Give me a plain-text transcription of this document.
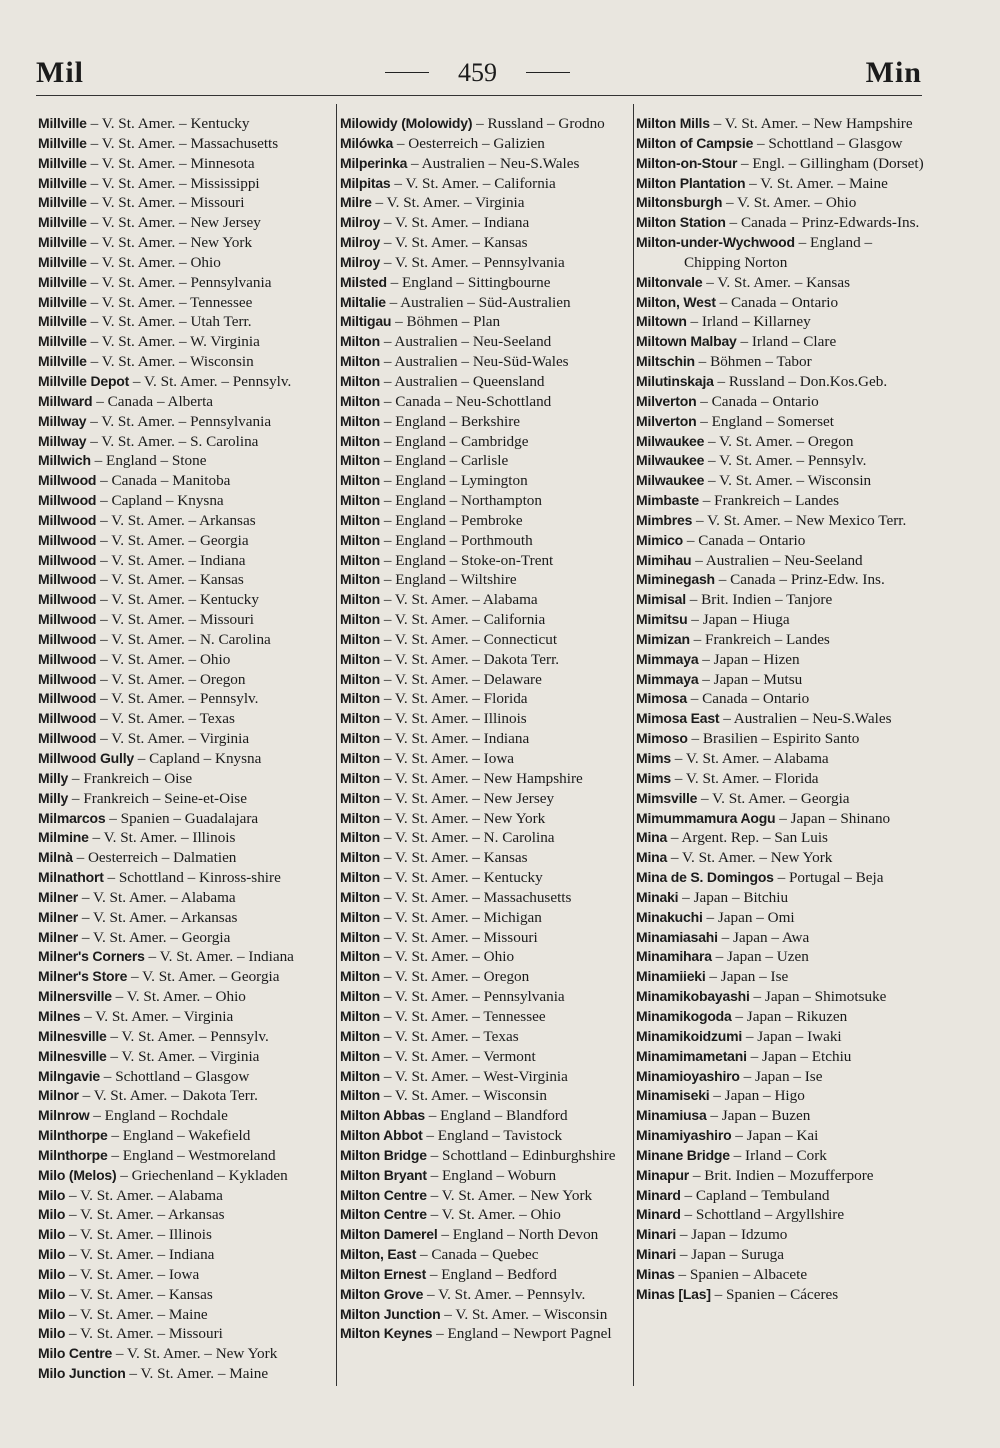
Mil	459	Min
Millville – V. St. Amer. – Kentucky
Millville – V. St. Amer. – Massachusetts
Millville – V. St. Amer. – Minnesota
Millville – V. St. Amer. – Mississippi
Millville – V. St. Amer. – Missouri
Millville – V. St. Amer. – New Jersey
Millville – V. St. Amer. – New York
Millville – V. St. Amer. – Ohio
Millville – V. St. Amer. – Pennsylvania
Millville – V. St. Amer. – Tennessee
Millville – V. St. Amer. – Utah Terr.
Millville – V. St. Amer. – W. Virginia
Millville – V. St. Amer. – Wisconsin
Millville Depot – V. St. Amer. – Pennsylv.
Millward – Canada – Alberta
Millway – V. St. Amer. – Pennsylvania
Millway – V. St. Amer. – S. Carolina
Millwich – England – Stone
Millwood – Canada – Manitoba
Millwood – Capland – Knysna
Millwood – V. St. Amer. – Arkansas
Millwood – V. St. Amer. – Georgia
Millwood – V. St. Amer. – Indiana
Millwood – V. St. Amer. – Kansas
Millwood – V. St. Amer. – Kentucky
Millwood – V. St. Amer. – Missouri
Millwood – V. St. Amer. – N. Carolina
Millwood – V. St. Amer. – Ohio
Millwood – V. St. Amer. – Oregon
Millwood – V. St. Amer. – Pennsylv.
Millwood – V. St. Amer. – Texas
Millwood – V. St. Amer. – Virginia
Millwood Gully – Capland – Knysna
Milly – Frankreich – Oise
Milly – Frankreich – Seine-et-Oise
Milmarcos – Spanien – Guadalajara
Milmine – V. St. Amer. – Illinois
Milnà – Oesterreich – Dalmatien
Milnathort – Schottland – Kinross-shire
Milner – V. St. Amer. – Alabama
Milner – V. St. Amer. – Arkansas
Milner – V. St. Amer. – Georgia
Milner's Corners – V. St. Amer. – Indiana
Milner's Store – V. St. Amer. – Georgia
Milnersville – V. St. Amer. – Ohio
Milnes – V. St. Amer. – Virginia
Milnesville – V. St. Amer. – Pennsylv.
Milnesville – V. St. Amer. – Virginia
Milngavie – Schottland – Glasgow
Milnor – V. St. Amer. – Dakota Terr.
Milnrow – England – Rochdale
Milnthorpe – England – Wakefield
Milnthorpe – England – Westmoreland
Milo (Melos) – Griechenland – Kykladen
Milo – V. St. Amer. – Alabama
Milo – V. St. Amer. – Arkansas
Milo – V. St. Amer. – Illinois
Milo – V. St. Amer. – Indiana
Milo – V. St. Amer. – Iowa
Milo – V. St. Amer. – Kansas
Milo – V. St. Amer. – Maine
Milo – V. St. Amer. – Missouri
Milo Centre – V. St. Amer. – New York
Milo Junction – V. St. Amer. – Maine
Milowidy (Molowidy) – Russland – Grodno
Milówka – Oesterreich – Galizien
Milperinka – Australien – Neu-S.Wales
Milpitas – V. St. Amer. – California
Milre – V. St. Amer. – Virginia
Milroy – V. St. Amer. – Indiana
Milroy – V. St. Amer. – Kansas
Milroy – V. St. Amer. – Pennsylvania
Milsted – England – Sittingbourne
Miltalie – Australien – Süd-Australien
Miltigau – Böhmen – Plan
Milton – Australien – Neu-Seeland
Milton – Australien – Neu-Süd-Wales
Milton – Australien – Queensland
Milton – Canada – Neu-Schottland
Milton – England – Berkshire
Milton – England – Cambridge
Milton – England – Carlisle
Milton – England – Lymington
Milton – England – Northampton
Milton – England – Pembroke
Milton – England – Porthmouth
Milton – England – Stoke-on-Trent
Milton – England – Wiltshire
Milton – V. St. Amer. – Alabama
Milton – V. St. Amer. – California
Milton – V. St. Amer. – Connecticut
Milton – V. St. Amer. – Dakota Terr.
Milton – V. St. Amer. – Delaware
Milton – V. St. Amer. – Florida
Milton – V. St. Amer. – Illinois
Milton – V. St. Amer. – Indiana
Milton – V. St. Amer. – Iowa
Milton – V. St. Amer. – New Hampshire
Milton – V. St. Amer. – New Jersey
Milton – V. St. Amer. – New York
Milton – V. St. Amer. – N. Carolina
Milton – V. St. Amer. – Kansas
Milton – V. St. Amer. – Kentucky
Milton – V. St. Amer. – Massachusetts
Milton – V. St. Amer. – Michigan
Milton – V. St. Amer. – Missouri
Milton – V. St. Amer. – Ohio
Milton – V. St. Amer. – Oregon
Milton – V. St. Amer. – Pennsylvania
Milton – V. St. Amer. – Tennessee
Milton – V. St. Amer. – Texas
Milton – V. St. Amer. – Vermont
Milton – V. St. Amer. – West-Virginia
Milton – V. St. Amer. – Wisconsin
Milton Abbas – England – Blandford
Milton Abbot – England – Tavistock
Milton Bridge – Schottland – Edinburghshire
Milton Bryant – England – Woburn
Milton Centre – V. St. Amer. – New York
Milton Centre – V. St. Amer. – Ohio
Milton Damerel – England – North Devon
Milton, East – Canada – Quebec
Milton Ernest – England – Bedford
Milton Grove – V. St. Amer. – Pennsylv.
Milton Junction – V. St. Amer. – Wisconsin
Milton Keynes – England – Newport Pagnel
Milton Mills – V. St. Amer. – New Hampshire
Milton of Campsie – Schottland – Glasgow
Milton-on-Stour – Engl. – Gillingham (Dorset)
Milton Plantation – V. St. Amer. – Maine
Miltonsburgh – V. St. Amer. – Ohio
Milton Station – Canada – Prinz-Edwards-Ins.
Milton-under-Wychwood – England – Chipping Norton
Miltonvale – V. St. Amer. – Kansas
Milton, West – Canada – Ontario
Miltown – Irland – Killarney
Miltown Malbay – Irland – Clare
Miltschin – Böhmen – Tabor
Milutinskaja – Russland – Don.Kos.Geb.
Milverton – Canada – Ontario
Milverton – England – Somerset
Milwaukee – V. St. Amer. – Oregon
Milwaukee – V. St. Amer. – Pennsylv.
Milwaukee – V. St. Amer. – Wisconsin
Mimbaste – Frankreich – Landes
Mimbres – V. St. Amer. – New Mexico Terr.
Mimico – Canada – Ontario
Mimihau – Australien – Neu-Seeland
Miminegash – Canada – Prinz-Edw. Ins.
Mimisal – Brit. Indien – Tanjore
Mimitsu – Japan – Hiuga
Mimizan – Frankreich – Landes
Mimmaya – Japan – Hizen
Mimmaya – Japan – Mutsu
Mimosa – Canada – Ontario
Mimosa East – Australien – Neu-S.Wales
Mimoso – Brasilien – Espirito Santo
Mims – V. St. Amer. – Alabama
Mims – V. St. Amer. – Florida
Mimsville – V. St. Amer. – Georgia
Mimummamura Aogu – Japan – Shinano
Mina – Argent. Rep. – San Luis
Mina – V. St. Amer. – New York
Mina de S. Domingos – Portugal – Beja
Minaki – Japan – Bitchiu
Minakuchi – Japan – Omi
Minamiasahi – Japan – Awa
Minamihara – Japan – Uzen
Minamiieki – Japan – Ise
Minamikobayashi – Japan – Shimotsuke
Minamikogoda – Japan – Rikuzen
Minamikoidzumi – Japan – Iwaki
Minamimametani – Japan – Etchiu
Minamioyashiro – Japan – Ise
Minamiseki – Japan – Higo
Minamiusa – Japan – Buzen
Minamiyashiro – Japan – Kai
Minane Bridge – Irland – Cork
Minapur – Brit. Indien – Mozufferpore
Minard – Capland – Tembuland
Minard – Schottland – Argyllshire
Minari – Japan – Idzumo
Minari – Japan – Suruga
Minas – Spanien – Albacete
Minas [Las] – Spanien – Cáceres
